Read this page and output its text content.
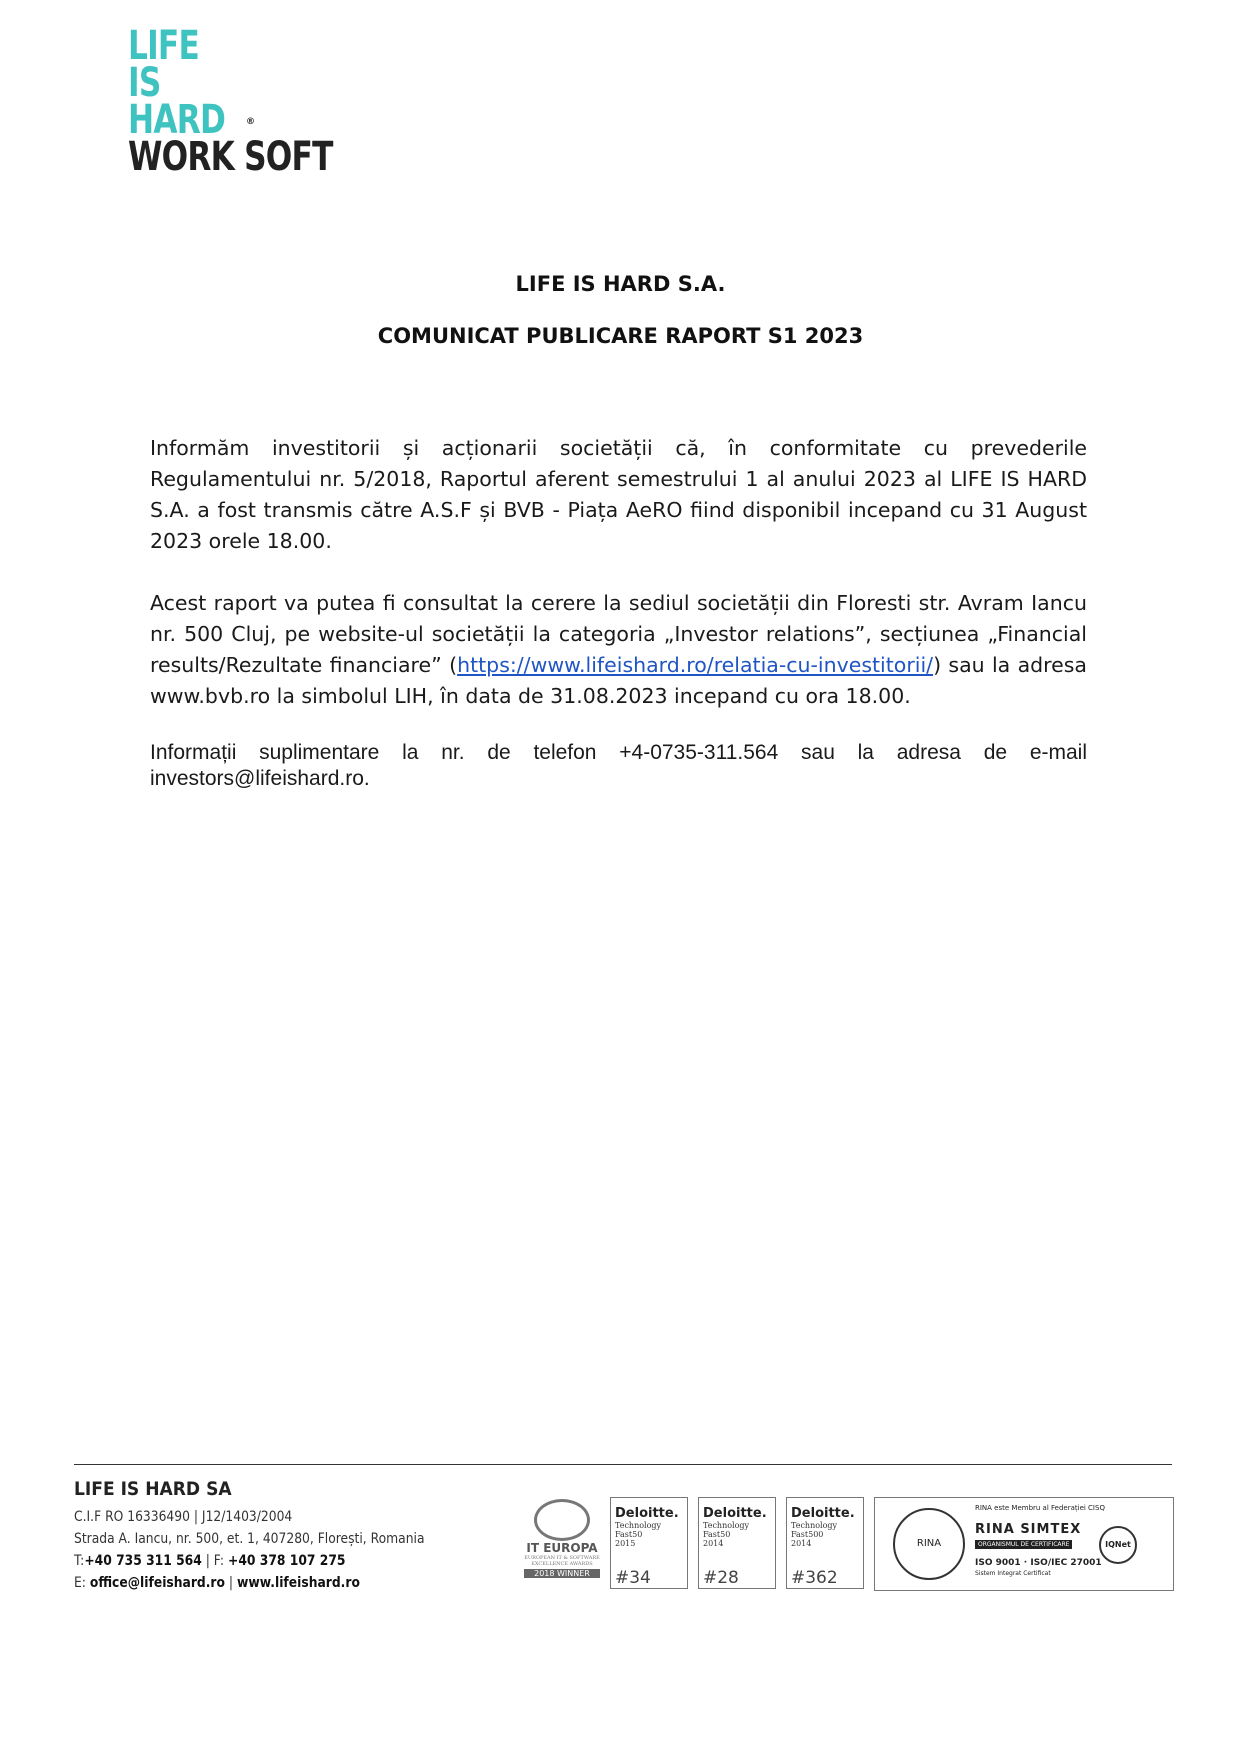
LIFE
IS
HARD
WORK SOFT
®
LIFE IS HARD S.A.
COMUNICAT PUBLICARE RAPORT S1 2023
Informăm investitorii și acționarii societății că, în conformitate cu prevederile Regulamentului nr. 5/2018, Raportul aferent semestrului 1 al anului 2023 al LIFE IS HARD S.A. a fost transmis către A.S.F și BVB - Piața AeRO fiind disponibil incepand cu 31 August 2023 orele 18.00.
Acest raport va putea fi consultat la cerere la sediul societății din Floresti str. Avram Iancu nr. 500 Cluj, pe website-ul societății la categoria „Investor relations”, secțiunea „Financial results/Rezultate financiare” (https://www.lifeishard.ro/relatia-cu-investitorii/) sau la adresa www.bvb.ro la simbolul LIH, în data de 31.08.2023 incepand cu ora 18.00.
Informații suplimentare la nr. de telefon +4-0735-311.564 sau la adresa de e-mail investors@lifeishard.ro.
LIFE IS HARD SA
C.I.F RO 16336490 | J12/1403/2004
Strada A. Iancu, nr. 500, et. 1, 407280, Florești, Romania
T:+40 735 311 564 | F: +40 378 107 275
E: office@lifeishard.ro | www.lifeishard.ro
IT EUROPA
EUROPEAN IT & SOFTWARE EXCELLENCE AWARDS
2018 WINNER
Deloitte.
Technology Fast50
2015
#34
Deloitte.
Technology Fast50
2014
#28
Deloitte.
Technology Fast500
2014
#362
RINA
RINA este Membru al Federației CISQ
RINA SIMTEX
ORGANISMUL DE CERTIFICARE
ISO 9001 · ISO/IEC 27001
Sistem Integrat Certificat
IQNet
